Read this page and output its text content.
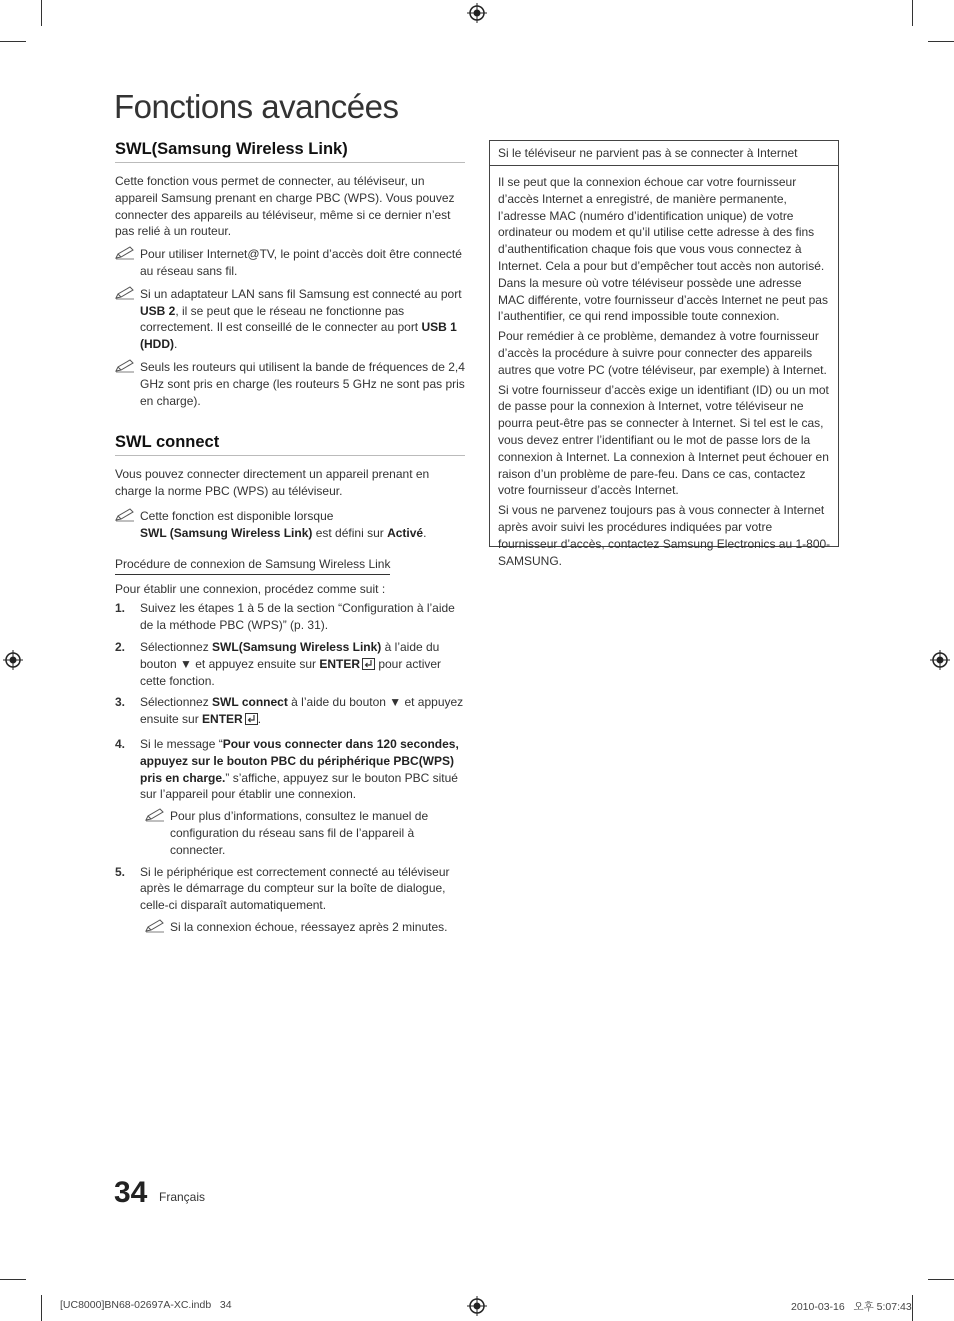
Fonctions avancées
SWL(Samsung Wireless Link)

Cette fonction vous permet de connecter, au téléviseur, un appareil Samsung prenant en charge PBC (WPS). Vous pouvez connecter des appareils au téléviseur, même si ce dernier n’est pas relié à un routeur.

Pour utiliser Internet@TV, le point d’accès doit être connecté au réseau sans fil.
Si un adaptateur LAN sans fil Samsung est connecté au port USB 2, il se peut que le réseau ne fonctionne pas correctement. Il est conseillé de le connecter au port USB 1 (HDD).
Seuls les routeurs qui utilisent la bande de fréquences de 2,4 GHz sont pris en charge (les routeurs 5 GHz ne sont pas pris en charge).
SWL connect

Vous pouvez connecter directement un appareil prenant en charge la norme PBC (WPS) au téléviseur.

Cette fonction est disponible lorsque
SWL (Samsung Wireless Link) est défini sur Activé.
Procédure de connexion de Samsung Wireless Link

Pour établir une connexion, procédez comme suit :

1. Suivez les étapes 1 à 5 de la section “Configuration à l’aide de la méthode PBC (WPS)” (p. 31).
2. Sélectionnez SWL(Samsung Wireless Link) à l’aide du bouton ▼ et appuyez ensuite sur ENTER
pour activer cette fonction.
3. Sélectionnez SWL connect à l’aide du bouton ▼ et appuyez ensuite sur ENTER .
4. Si le message “Pour vous connecter dans 120 secondes, appuyez sur le bouton PBC du périphérique PBC(WPS) pris en charge.” s’affiche, appuyez sur le bouton PBC situé sur l’appareil pour établir une connexion.
Pour plus d’informations, consultez le manuel de configuration du réseau sans fil de l’appareil à connecter.
5. Si le périphérique est correctement connecté au téléviseur après le démarrage du compteur sur la boîte de dialogue, celle-ci disparaît automatiquement.
Si la connexion échoue, réessayez après 2 minutes.
Si le téléviseur ne parvient pas à se connecter à Internet

Il se peut que la connexion échoue car votre fournisseur d’accès Internet a enregistré, de manière permanente, l’adresse MAC (numéro d’identification unique) de votre ordinateur ou modem et qu’il utilise cette adresse à des fins d’authentification chaque fois que vous vous connectez à Internet. Cela a pour but d’empêcher tout accès non autorisé. Dans la mesure où votre téléviseur possède une adresse MAC différente, votre fournisseur d’accès Internet ne peut pas l’authentifier, ce qui rend impossible toute connexion.

Pour remédier à ce problème, demandez à votre fournisseur d’accès la procédure à suivre pour connecter des appareils autres que votre PC (votre téléviseur, par exemple) à Internet.

Si votre fournisseur d’accès exige un identifiant (ID) ou un mot de passe pour la connexion à Internet, votre téléviseur ne pourra peut-être pas se connecter à Internet. Si tel est le cas, vous devez entrer l’identifiant ou le mot de passe lors de la connexion à Internet. La connexion à Internet peut échouer en raison d’un problème de pare-feu. Dans ce cas, contactez votre fournisseur d’accès Internet.

Si vous ne parvenez toujours pas à vous connecter à Internet après avoir suivi les procédures indiquées par votre fournisseur d’accès, contactez Samsung Electronics au 1-800-SAMSUNG.

34 Français
[UC8000]BN68-02697A-XC.indb   34	2010-03-16   오후 5:07:43
